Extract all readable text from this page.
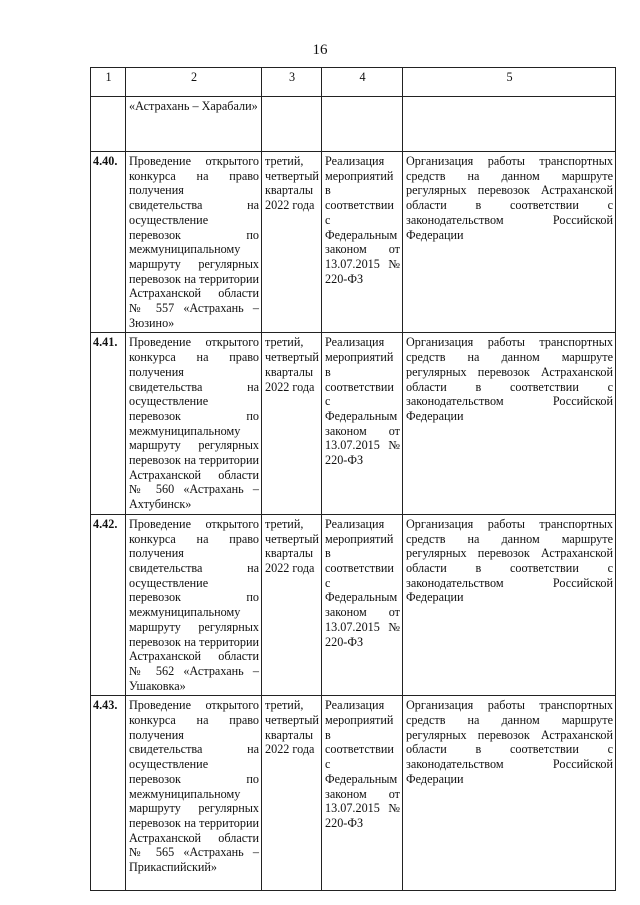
16
1	2	3	4	5
	«Астрахань – Харабали»			
4.40.	Проведение открытого конкурса на право получения свидетельства на осуществление перевозок по межмуниципальному маршруту регулярных перевозок на территории Астраханской области № 557 «Астрахань – Зюзино»	третий, четвертый кварталы 2022 года	Реализация мероприятий в соответствии с Федеральным законом от 13.07.2015 № 220-ФЗ	Организация работы транспортных средств на данном маршруте регулярных перевозок Астраханской области в соответствии с законодательством Российской Федерации
4.41.	Проведение открытого конкурса на право получения свидетельства на осуществление перевозок по межмуниципальному маршруту регулярных перевозок на территории Астраханской области № 560 «Астрахань – Ахтубинск»	третий, четвертый кварталы 2022 года	Реализация мероприятий в соответствии с Федеральным законом от 13.07.2015 № 220-ФЗ	Организация работы транспортных средств на данном маршруте регулярных перевозок Астраханской области в соответствии с законодательством Российской Федерации
4.42.	Проведение открытого конкурса на право получения свидетельства на осуществление перевозок по межмуниципальному маршруту регулярных перевозок на территории Астраханской области № 562 «Астрахань – Ушаковка»	третий, четвертый кварталы 2022 года	Реализация мероприятий в соответствии с Федеральным законом от 13.07.2015 № 220-ФЗ	Организация работы транспортных средств на данном маршруте регулярных перевозок Астраханской области в соответствии с законодательством Российской Федерации
4.43.	Проведение открытого конкурса на право получения свидетельства на осуществление перевозок по межмуниципальному маршруту регулярных перевозок на территории Астраханской области № 565 «Астрахань – Прикаспийский»	третий, четвертый кварталы 2022 года	Реализация мероприятий в соответствии с Федеральным законом от 13.07.2015 № 220-ФЗ	Организация работы транспортных средств на данном маршруте регулярных перевозок Астраханской области в соответствии с законодательством Российской Федерации
